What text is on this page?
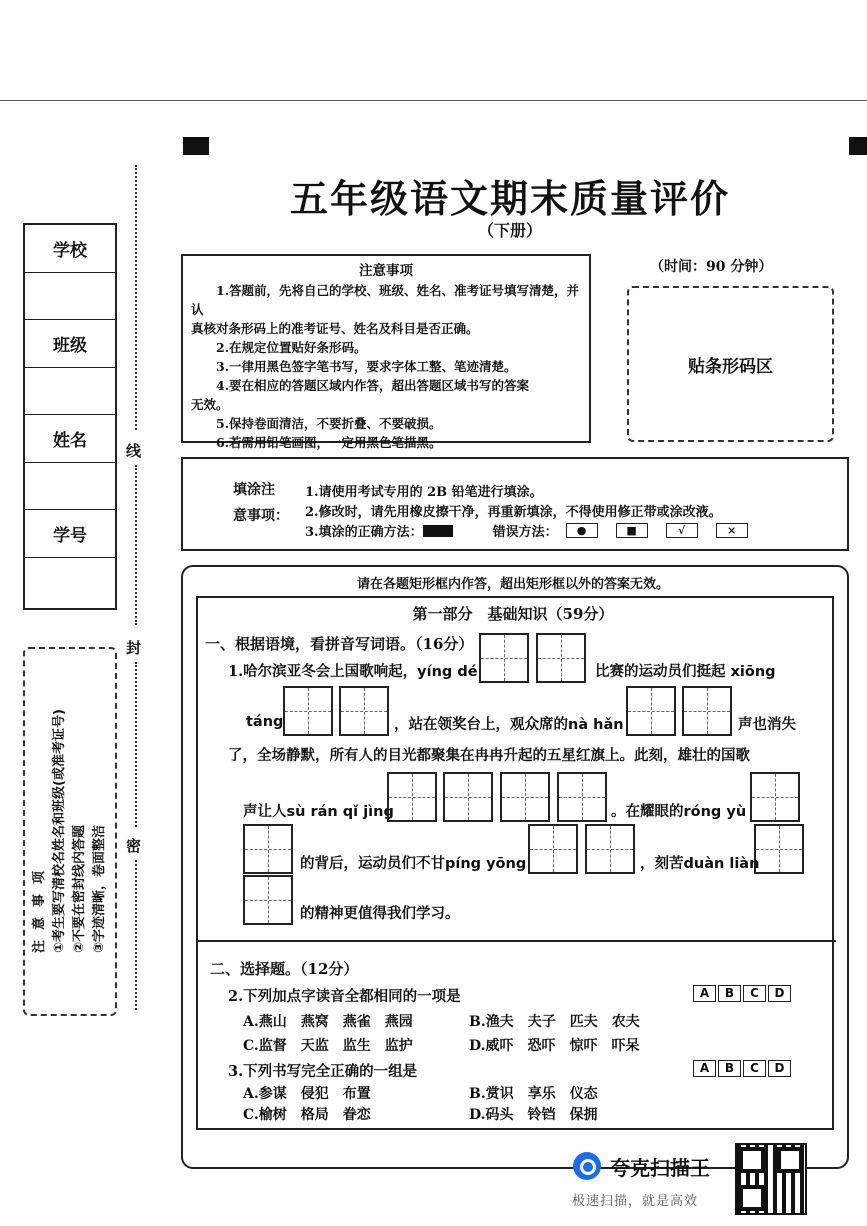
五年级语文期末质量评价
（下册）
学校
班级
姓名
学号
线
封
密
注意事项 ①考生要写清校名姓名和班级(或准考证号) ②不要在密封线内答题 ③字迹清晰，卷面整洁
注意事项
1.答题前，先将自己的学校、班级、姓名、准考证号填写清楚，并认
真核对条形码上的准考证号、姓名及科目是否正确。
2.在规定位置贴好条形码。
3.一律用黑色签字笔书写，要求字体工整、笔迹清楚。
4.要在相应的答题区域内作答，超出答题区域书写的答案
无效。
5.保持卷面清洁，不要折叠、不要破损。
6.若需用铅笔画图，一定用黑色笔描黑。
（时间：90 分钟）
贴条形码区
填涂注
意事项：
1.请使用考试专用的 2B 铅笔进行填涂。
2.修改时，请先用橡皮擦干净，再重新填涂，不得使用修正带或涂改液。
3.填涂的正确方法：	错误方法：	●	■	√	×
请在各题矩形框内作答，超出矩形框以外的答案无效。
第一部分　基础知识（59分）
一、根据语境，看拼音写词语。（16分）
1.哈尔滨亚冬会上国歌响起，yíng dé	比赛的运动员们挺起 xiōng
táng	，站在领奖台上，观众席的nà hǎn	声也消失
了，全场静默，所有人的目光都聚集在冉冉升起的五星红旗上。此刻，雄壮的国歌
声让人sù rán qǐ jìng	。在耀眼的róng yù
的背后，运动员们不甘píng yōng	，刻苦duàn liàn
的精神更值得我们学习。
二、选择题。（12分）
2.下列加点字读音全都相同的一项是	A	B	C	D
A.燕山　燕窝　燕雀　燕园	B.渔夫　夫子　匹夫　农夫
C.监督　天监　监生　监护	D.威吓　恐吓　惊吓　吓呆
3.下列书写完全正确的一组是	A	B	C	D
A.参谋　侵犯　布置	B.赏识　享乐　仪态
C.榆树　格局　眷恋	D.码头　铃铛　保拥
夸克扫描王
极速扫描，就是高效
